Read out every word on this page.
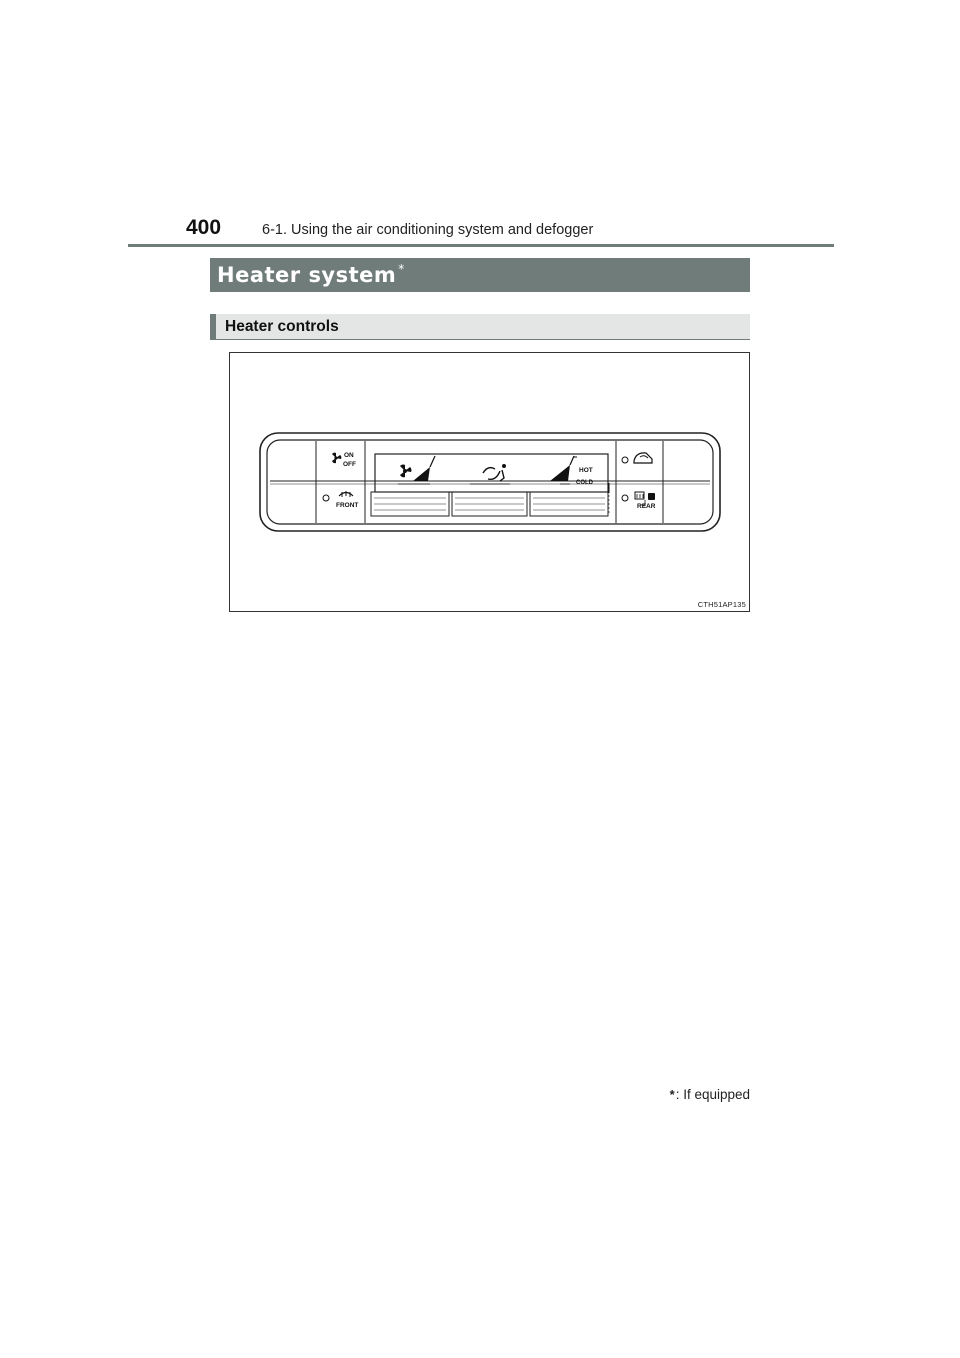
400	6-1. Using the air conditioning system and defogger
Heater system *
Heater controls
HOT
COLD
ON
OFF
FRONT	REAR
CTH51AP135
*: If equipped
